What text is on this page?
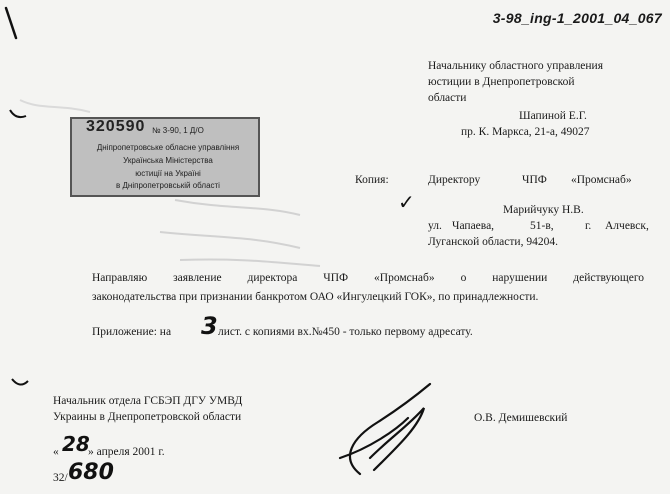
3-98_ing-1_2001_04_067
Начальнику областного управления
юстиции в Днепропетровской
области
Шапиной Е.Г.
пр. К. Маркса, 21-а, 49027
320590 № 3-90, 1 Д/О
Дніпропетровське обласне управління
Українська Міністерства
юстиції на Україні
в Дніпропетровській області	Копия:	Директору	ЧПФ «Промснаб»
✓	Марийчуку Н.В.
ул. Чапаева,	51-в,	г. Алчевск,
Луганской области, 94204.
Направляю заявление директора ЧПФ «Промснаб» о нарушении действующего
законодательства при признании банкротом ОАО «Ингулецкий ГОК», по принадлежности.
Приложение: на 3 лист. с копиями вх.№450 - только первому адресату.
Начальник отдела ГСБЭП ДГУ УМВД
Украины в Днепропетровской области	О.В. Демишевский
« 28
» апреля 2001 г.
32/ 680
